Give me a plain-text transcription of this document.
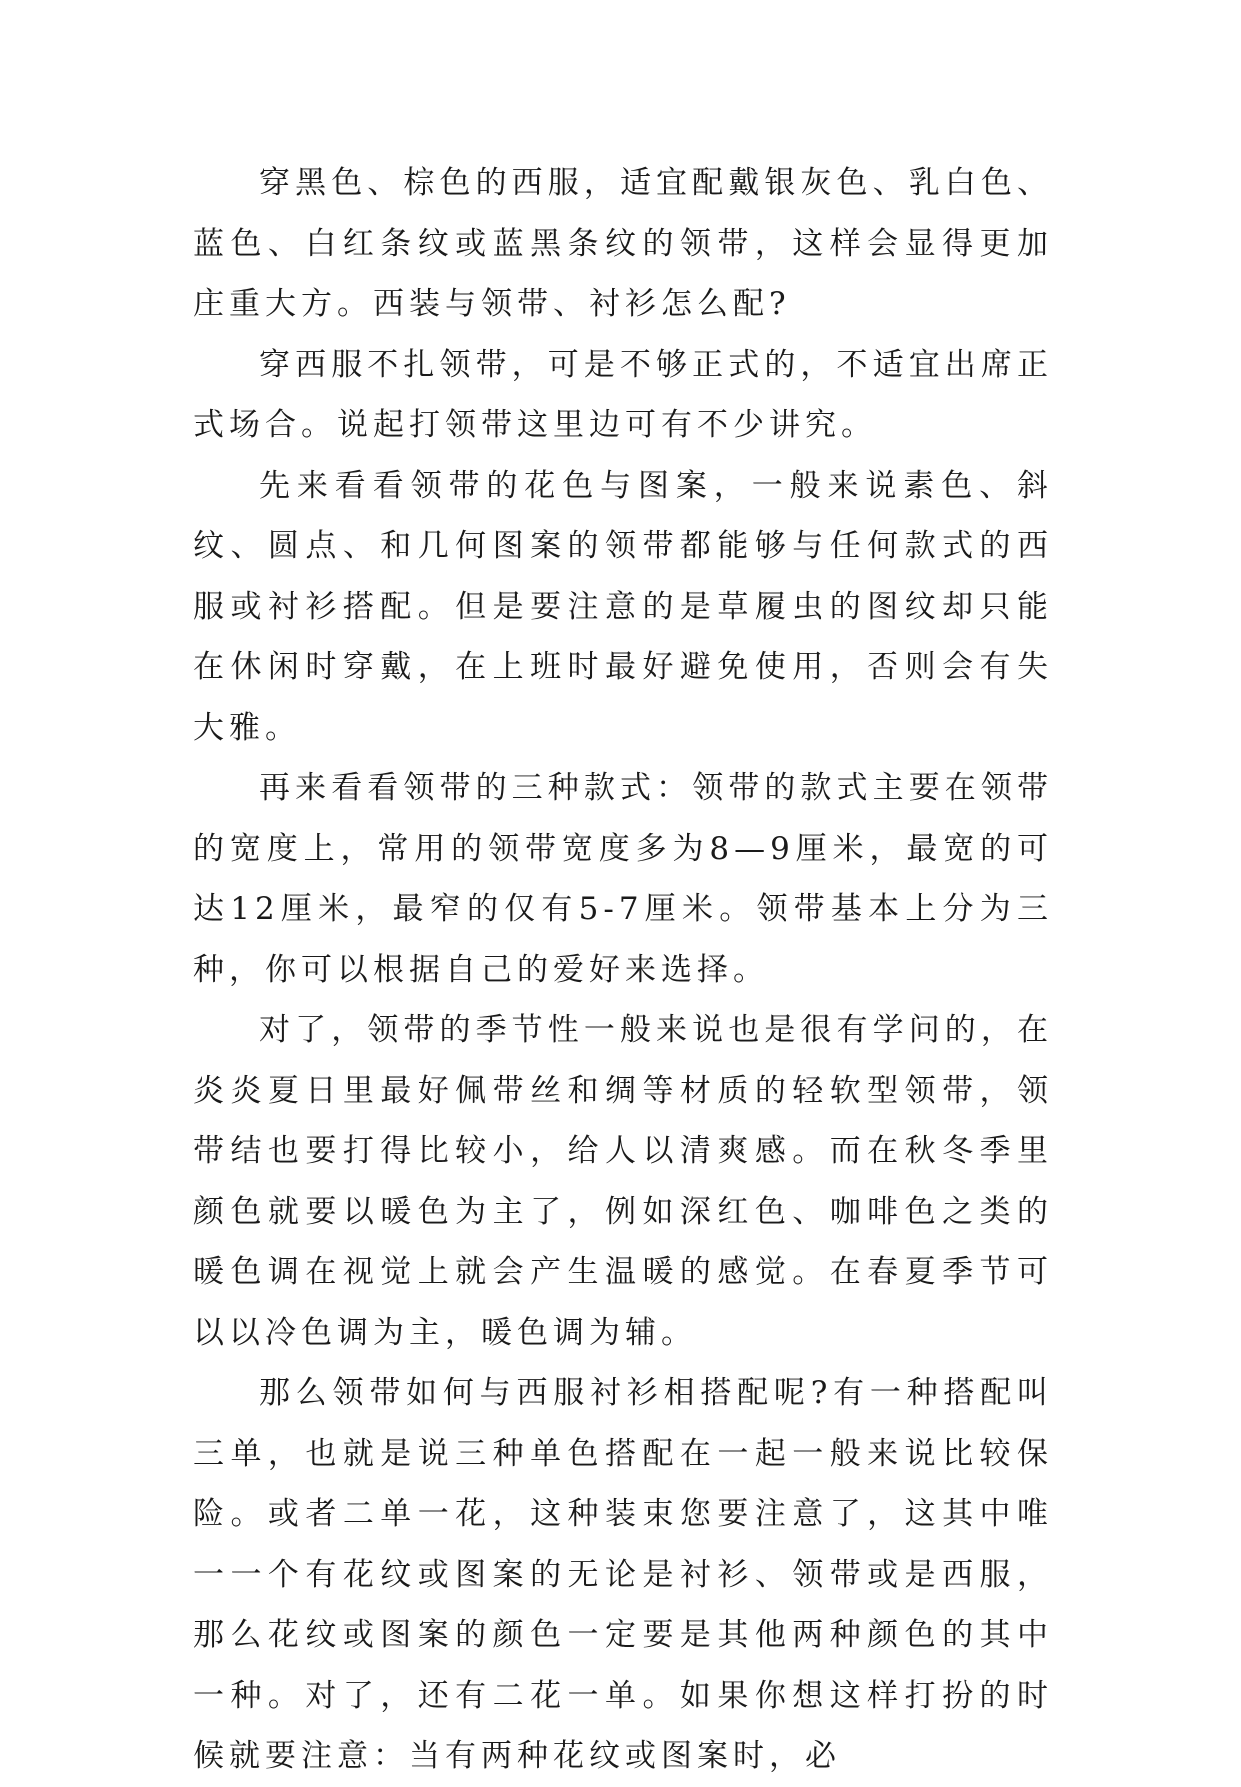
穿黑色、棕色的西服，适宜配戴银灰色、乳白色、蓝色、白红条纹或蓝黑条纹的领带，这样会显得更加庄重大方。西装与领带、衬衫怎么配?

穿西服不扎领带，可是不够正式的，不适宜出席正式场合。说起打领带这里边可有不少讲究。

先来看看领带的花色与图案，一般来说素色、斜纹、圆点、和几何图案的领带都能够与任何款式的西服或衬衫搭配。但是要注意的是草履虫的图纹却只能在休闲时穿戴，在上班时最好避免使用，否则会有失大雅。

再来看看领带的三种款式：领带的款式主要在领带的宽度上，常用的领带宽度多为8—9厘米，最宽的可达12厘米，最窄的仅有5-7厘米。领带基本上分为三种，你可以根据自己的爱好来选择。

对了，领带的季节性一般来说也是很有学问的，在炎炎夏日里最好佩带丝和绸等材质的轻软型领带，领带结也要打得比较小，给人以清爽感。而在秋冬季里颜色就要以暖色为主了，例如深红色、咖啡色之类的暖色调在视觉上就会产生温暖的感觉。在春夏季节可以以冷色调为主，暖色调为辅。

那么领带如何与西服衬衫相搭配呢?有一种搭配叫三单，也就是说三种单色搭配在一起一般来说比较保险。或者二单一花，这种装束您要注意了，这其中唯一一个有花纹或图案的无论是衬衫、领带或是西服，那么花纹或图案的颜色一定要是其他两种颜色的其中一种。对了，还有二花一单。如果你想这样打扮的时候就要注意：当有两种花纹或图案时，必
